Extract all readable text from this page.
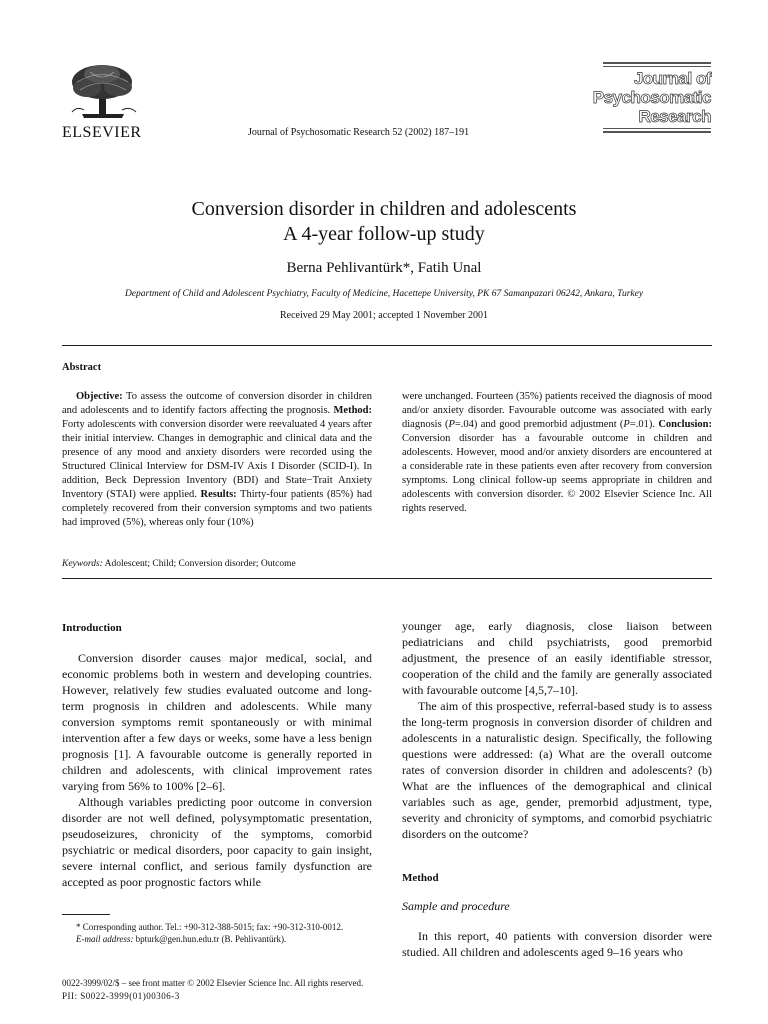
ELSEVIER	Journal of Psychosomatic Research 52 (2002) 187–191
Journal of
Psychosomatic
Research
Conversion disorder in children and adolescents
A 4-year follow-up study
Berna Pehlivantürk*, Fatih Unal
Department of Child and Adolescent Psychiatry, Faculty of Medicine, Hacettepe University, PK 67 Samanpazari 06242, Ankara, Turkey
Received 29 May 2001; accepted 1 November 2001
Abstract

Objective: To assess the outcome of conversion disorder in children and adolescents and to identify factors affecting the prognosis. Method: Forty adolescents with conversion disorder were reevaluated 4 years after their initial interview. Changes in demographic and clinical data and the presence of any mood and anxiety disorders were recorded using the Structured Clinical Interview for DSM-IV Axis I Disorder (SCID-I). In addition, Beck Depression Inventory (BDI) and State−Trait Anxiety Inventory (STAI) were applied. Results: Thirty-four patients (85%) had completely recovered from their conversion symptoms and two patients had improved (5%), whereas only four (10%)

were unchanged. Fourteen (35%) patients received the diagnosis of mood and/or anxiety disorder. Favourable outcome was associated with early diagnosis (P=.04) and good premorbid adjustment (P=.01). Conclusion: Conversion disorder has a favourable outcome in children and adolescents. However, mood and/or anxiety disorders are encountered at a considerable rate in these patients even after recovery from conversion symptoms. Long clinical follow-up seems appropriate in children and adolescents with conversion disorder. © 2002 Elsevier Science Inc. All rights reserved.

Keywords: Adolescent; Child; Conversion disorder; Outcome
Introduction

Conversion disorder causes major medical, social, and economic problems both in western and developing countries. However, relatively few studies evaluated outcome and long-term prognosis in children and adolescents. While many conversion symptoms remit spontaneously or with minimal intervention after a few days or weeks, some have a less benign prognosis [1]. A favourable outcome is generally reported in children and adolescents, with clinical improvement rates varying from 56% to 100% [2–6].

Although variables predicting poor outcome in conversion disorder are not well defined, polysymptomatic presentation, pseudoseizures, chronicity of the symptoms, comorbid psychiatric or medical disorders, poor capacity to gain insight, severe internal conflict, and serious family dysfunction are accepted as poor prognostic factors while

younger age, early diagnosis, close liaison between pediatricians and child psychiatrists, good premorbid adjustment, the presence of an easily identifiable stressor, cooperation of the child and the family are generally associated with favourable outcome [4,5,7–10].

The aim of this prospective, referral-based study is to assess the long-term prognosis in conversion disorder of children and adolescents in a naturalistic design. Specifically, the following questions were addressed: (a) What are the overall outcome rates of conversion disorder in children and adolescents? (b) What are the influences of the demographical and clinical variables such as age, gender, premorbid adjustment, type, severity and chronicity of symptoms, and comorbid psychiatric disorders on the outcome?

Method
Sample and procedure

In this report, 40 patients with conversion disorder were studied. All children and adolescents aged 9–16 years who

* Corresponding author. Tel.: +90-312-388-5015; fax: +90-312-310-0012.

E-mail address: bpturk@gen.hun.edu.tr (B. Pehlivantürk).

0022-3999/02/$ – see front matter © 2002 Elsevier Science Inc. All rights reserved.
PII: S0022-3999(01)00306-3
